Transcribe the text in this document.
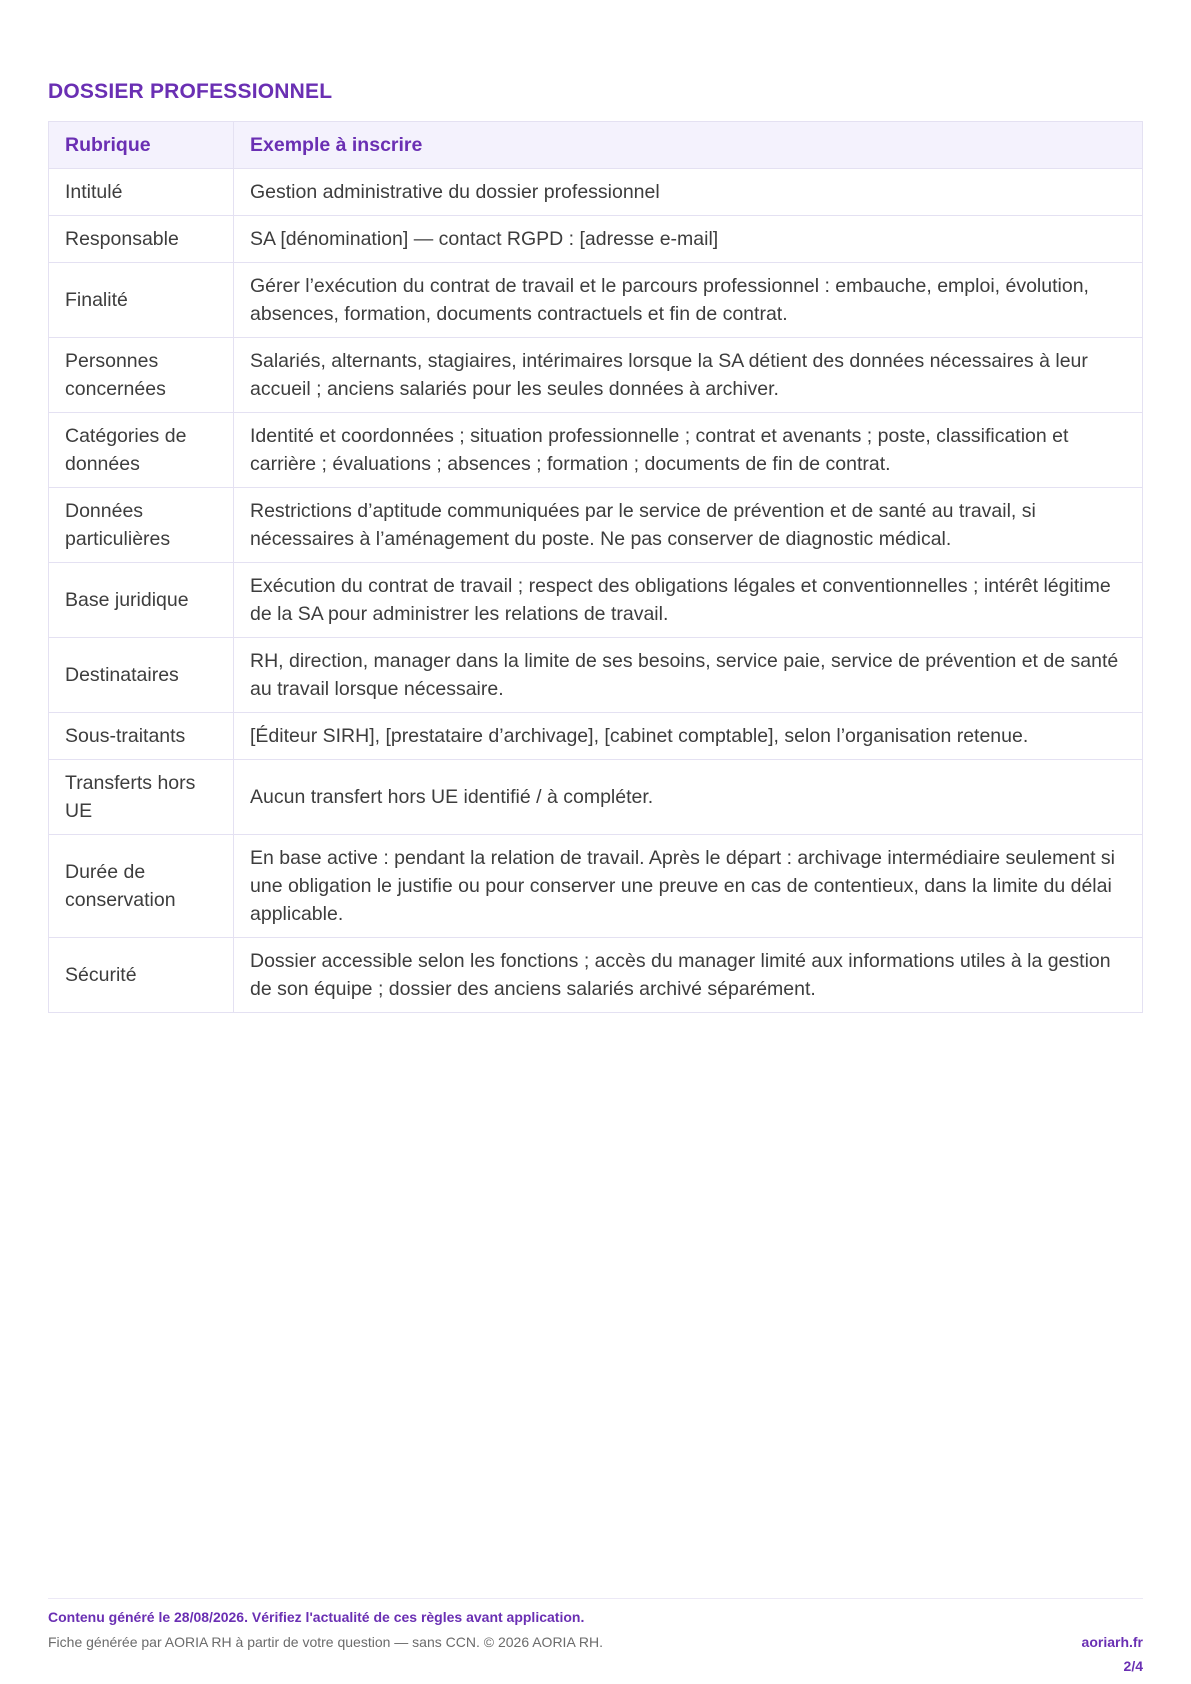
DOSSIER PROFESSIONNEL
Rubrique	Exemple à inscrire
Intitulé	Gestion administrative du dossier professionnel
Responsable	SA [dénomination] — contact RGPD : [adresse e-mail]
Finalité	Gérer l’exécution du contrat de travail et le parcours professionnel : embauche, emploi, évolution, absences, formation, documents contractuels et fin de contrat.
Personnes concernées	Salariés, alternants, stagiaires, intérimaires lorsque la SA détient des données nécessaires à leur accueil ; anciens salariés pour les seules données à archiver.
Catégories de données	Identité et coordonnées ; situation professionnelle ; contrat et avenants ; poste, classification et carrière ; évaluations ; absences ; formation ; documents de fin de contrat.
Données particulières	Restrictions d’aptitude communiquées par le service de prévention et de santé au travail, si nécessaires à l’aménagement du poste. Ne pas conserver de diagnostic médical.
Base juridique	Exécution du contrat de travail ; respect des obligations légales et conventionnelles ; intérêt légitime de la SA pour administrer les relations de travail.
Destinataires	RH, direction, manager dans la limite de ses besoins, service paie, service de prévention et de santé au travail lorsque nécessaire.
Sous-traitants	[Éditeur SIRH], [prestataire d’archivage], [cabinet comptable], selon l’organisation retenue.
Transferts hors UE	Aucun transfert hors UE identifié / à compléter.
Durée de conservation	En base active : pendant la relation de travail. Après le départ : archivage intermédiaire seulement si une obligation le justifie ou pour conserver une preuve en cas de contentieux, dans la limite du délai applicable.
Sécurité	Dossier accessible selon les fonctions ; accès du manager limité aux informations utiles à la gestion de son équipe ; dossier des anciens salariés archivé séparément.
Contenu généré le 28/08/2026. Vérifiez l'actualité de ces règles avant application.
Fiche générée par AORIA RH à partir de votre question — sans CCN. © 2026 AORIA RH.	aoriarh.fr
2/4
